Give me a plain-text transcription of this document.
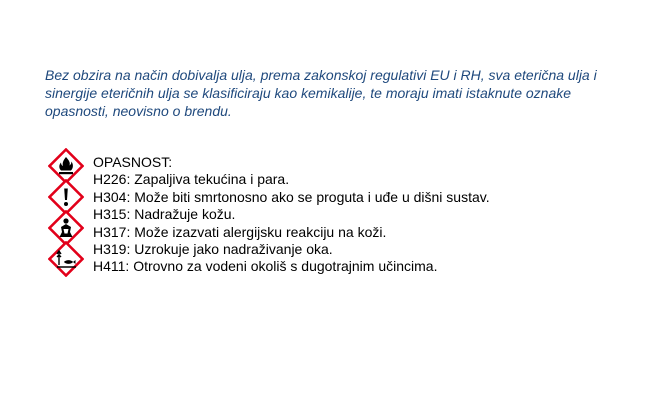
Bez obzira na način dobivalja ulja, prema zakonskoj regulativi EU i RH, sva eterična ulja i sinergije eteričnih ulja se klasificiraju kao kemikalije, te moraju imati istaknute oznake opasnosti, neovisno o brendu.

OPASNOST:
H226: Zapaljiva tekućina i para.
H304: Može biti smrtonosno ako se proguta i uđe u dišni sustav.
H315: Nadražuje kožu.
H317: Može izazvati alergijsku reakciju na koži.
H319: Uzrokuje jako nadraživanje oka.
H411: Otrovno za vodeni okoliš s dugotrajnim učincima.
